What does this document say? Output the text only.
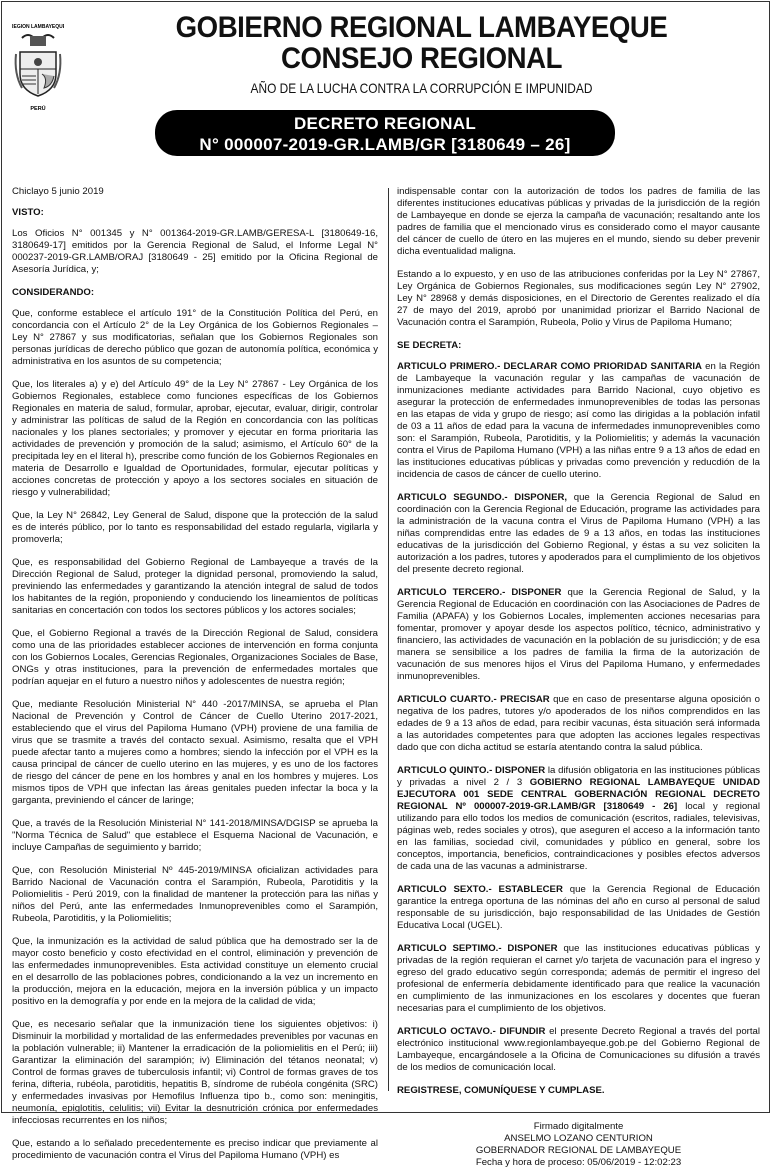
REGION LAMBAYEQUE
PERÚ
GOBIERNO REGIONAL LAMBAYEQUE
CONSEJO REGIONAL
AÑO DE LA LUCHA CONTRA LA CORRUPCIÓN E IMPUNIDAD
DECRETO REGIONAL
N° 000007-2019-GR.LAMB/GR [3180649 – 26]

Chiclayo 5 junio 2019

VISTO:

Los Oficios N° 001345 y N° 001364-2019-GR.LAMB/GERESA-L [3180649-16, 3180649-17] emitidos por la Gerencia Regional de Salud, el Informe Legal N° 000237-2019-GR.LAMB/ORAJ [3180649 - 25] emitido por la Oficina Regional de Asesoría Jurídica, y;

CONSIDERANDO:

Que, conforme establece el artículo 191° de la Constitución Política del Perú, en concordancia con el Artículo 2° de la Ley Orgánica de los Gobiernos Regionales – Ley N° 27867 y sus modificatorias, señalan que los Gobiernos Regionales son personas jurídicas de derecho público que gozan de autonomía política, económica y administrativa en los asuntos de su competencia;

Que, los literales a) y e) del Artículo 49° de la Ley N° 27867 - Ley Orgánica de los Gobiernos Regionales, establece como funciones específicas de los Gobiernos Regionales en materia de salud, formular, aprobar, ejecutar, evaluar, dirigir, controlar y administrar las políticas de salud de la Región en concordancia con las políticas nacionales y los planes sectoriales; y promover y ejecutar en forma prioritaria las actividades de prevención y promoción de la salud; asimismo, el Artículo 60° de la precipitada ley en el literal h), prescribe como función de los Gobiernos Regionales en materia de Desarrollo e Igualdad de Oportunidades, formular, ejecutar políticas y acciones concretas de protección y apoyo a los sectores sociales en situación de riesgo y vulnerabilidad;

Que, la Ley N° 26842, Ley General de Salud, dispone que la protección de la salud es de interés público, por lo tanto es responsabilidad del estado regularla, vigilarla y promoverla;

Que, es responsabilidad del Gobierno Regional de Lambayeque a través de la Dirección Regional de Salud, proteger la dignidad personal, promoviendo la salud, previniendo las enfermedades y garantizando la atención integral de salud de todos los habitantes de la región, proponiendo y conduciendo los lineamientos de políticas sanitarias en concertación con todos los sectores públicos y los actores sociales;

Que, el Gobierno Regional a través de la Dirección Regional de Salud, considera como una de las prioridades establecer acciones de intervención en forma conjunta con los Gobiernos Locales, Gerencias Regionales, Organizaciones Sociales de Base, ONGs y otras instituciones, para la prevención de enfermedades mortales que podrían aquejar en el futuro a nuestro niños y adolescentes de nuestra región;

Que, mediante Resolución Ministerial N° 440 -2017/MINSA, se aprueba el Plan Nacional de Prevención y Control de Cáncer de Cuello Uterino 2017-2021, estableciendo que el virus del Papiloma Humano (VPH) proviene de una familia de virus que se trasmite a través del contacto sexual. Asimismo, resalta que el VPH puede afectar tanto a mujeres como a hombres; siendo la infección por el VPH es la causa principal de cáncer de cuello uterino en las mujeres, y es uno de los factores de riesgo del cáncer de pene en los hombres y anal en los hombres y mujeres. Los mismos tipos de VPH que infectan las áreas genitales pueden infectar la boca y la garganta, previniendo el cáncer de laringe;

Que, a través de la Resolución Ministerial N° 141-2018/MINSA/DGISP se aprueba la "Norma Técnica de Salud" que establece el Esquema Nacional de Vacunación, e incluye Campañas de seguimiento y barrido;

Que, con Resolución Ministerial Nº 445-2019/MINSA oficializan actividades para Barrido Nacional de Vacunación contra el Sarampión, Rubeola, Parotiditis y la Poliomielitis - Perú 2019, con la finalidad de mantener la protección para las niñas y niños del Perú, ante las enfermedades Inmunoprevenibles como el Sarampión, Rubeola, Parotiditis, y la Poliomielitis;

Que, la inmunización es la actividad de salud pública que ha demostrado ser la de mayor costo beneficio y costo efectividad en el control, eliminación y prevención de las enfermedades inmunoprevenibles. Esta actividad constituye un elemento crucial en el desarrollo de las poblaciones pobres, condicionando a la vez un incremento en la producción, mejora en la educación, mejora en la inversión pública y un impacto positivo en la demografía y por ende en la mejora de la calidad de vida;

Que, es necesario señalar que la inmunización tiene los siguientes objetivos: i) Disminuir la morbilidad y mortalidad de las enfermedades prevenibles por vacunas en la población vulnerable; ii) Mantener la erradicación de la poliomielitis en el Perú; iii) Garantizar la eliminación del sarampión; iv) Eliminación del tétanos neonatal; v) Control de formas graves de tuberculosis infantil; vi) Control de formas graves de tos ferina, difteria, rubéola, parotiditis, hepatitis B, síndrome de rubéola congénita (SRC) y enfermedades invasivas por Hemofilus Influenza tipo b., como son: meningitis, neumonía, epiglotitis, celulitis; vii) Evitar la desnutrición crónica por enfermedades infecciosas recurrentes en los niños;

Que, estando a lo señalado precedentemente es preciso indicar que previamente al procedimiento de vacunación contra el Virus del Papiloma Humano (VPH) es

indispensable contar con la autorización de todos los padres de familia de las diferentes instituciones educativas públicas y privadas de la jurisdicción de la región de Lambayeque en donde se ejerza la campaña de vacunación; resaltando ante los padres de familia que el mencionado virus es considerado como el mayor causante del cáncer de cuello de útero en las mujeres en el mundo, siendo su deber prevenir dicha eventualidad maligna.

Estando a lo expuesto, y en uso de las atribuciones conferidas por la Ley N° 27867, Ley Orgánica de Gobiernos Regionales, sus modificaciones según Ley N° 27902, Ley N° 28968 y demás disposiciones, en el Directorio de Gerentes realizado el día 27 de mayo del 2019, aprobó por unanimidad priorizar el Barrido Nacional de Vacunación contra el Sarampión, Rubeola, Polio y Virus de Papiloma Humano;

SE DECRETA:

ARTICULO PRIMERO.- DECLARAR COMO PRIORIDAD SANITARIA en la Región de Lambayeque la vacunación regular y las campañas de vacunación de inmunizaciones mediante actividades para Barrido Nacional, cuyo objetivo es asegurar la protección de enfermedades inmunoprevenibles de todas las personas en las etapas de vida y grupo de riesgo; así como las dirigidas a la población infatil de 03 a 11 años de edad para la vacuna de infermedades inmunoprevenibles como son: el Sarampión, Rubeola, Parotiditis, y la Poliomielitis; y además la vacunación contra el Virus de Papiloma Humano (VPH) a las niñas entre 9 a 13 años de edad en las instituciones educativas públicas y privadas como prevención y reducdión de la incidencia de casos de cáncer de cuello uterino.

ARTICULO SEGUNDO.- DISPONER, que la Gerencia Regional de Salud en coordinación con la Gerencia Regional de Educación, programe las actividades para la administración de la vacuna contra el Virus de Papiloma Humano (VPH) a las niñas comprendidas entre las edades de 9 a 13 años, en todas las instituciones educativas de la jurisdicción del Gobierno Regional, y éstas a su vez soliciten la autorización a los padres, tutores y apoderados para el cumplimiento de los objetivos del presente decreto regional.

ARTICULO TERCERO.- DISPONER que la Gerencia Regional de Salud, y la Gerencia Regional de Educación en coordinación con las Asociaciones de Padres de Familia (APAFA) y los Gobiernos Locales, implementen acciones necesarias para fomentar, promover y apoyar desde los aspectos político, técnico, administrativo y financiero, las actividades de vacunación en la población de su jurisdicción; y de esa manera se sensibilice a los padres de familia la firma de la autorización de vacunación de sus menores hijos el Virus del Papiloma Humano, y enfermedades inmunoprevenibles.

ARTICULO CUARTO.- PRECISAR que en caso de presentarse alguna oposición o negativa de los padres, tutores y/o apoderados de los niños comprendidos en las edades de 9 a 13 años de edad, para recibir vacunas, ésta situación será informada a las autoridades competentes para que adopten las acciones legales respectivas dado que con dicha actitud se estaría atentando contra la salud pública.

ARTICULO QUINTO.- DISPONER la difusión obligatoria en las instituciones públicas y privadas a nivel 2 / 3 GOBIERNO REGIONAL LAMBAYEQUE UNIDAD EJECUTORA 001 SEDE CENTRAL GOBERNACIÓN REGIONAL DECRETO REGIONAL Nº 000007-2019-GR.LAMB/GR [3180649 - 26] local y regional utilizando para ello todos los medios de comunicación (escritos, radiales, televisivas, páginas web, redes sociales y otros), que aseguren el acceso a la información tanto en las familias, sociedad civil, comunidades y público en general, sobre los conceptos, importancia, beneficios, contraindicaciones y posibles efectos adversos de cada una de las vacunas a administrarse.

ARTICULO SEXTO.- ESTABLECER que la Gerencia Regional de Educación garantice la entrega oportuna de las nóminas del año en curso al personal de salud responsable de su jurisdicción, bajo responsabilidad de las Unidades de Gestión Educativa Local (UGEL).

ARTICULO SEPTIMO.- DISPONER que las instituciones educativas públicas y privadas de la región requieran el carnet y/o tarjeta de vacunación para el ingreso y egreso del grado educativo según corresponda; además de permitir el ingreso del profesional de enfermería debidamente identificado para que realice la vacunación en cumplimiento de las inmunizaciones en los escolares y docentes que fueran necesarias para el cumplimiento de los objetivos.

ARTICULO OCTAVO.- DIFUNDIR el presente Decreto Regional a través del portal electrónico institucional www.regionlambayeque.gob.pe del Gobierno Regional de Lambayeque, encargándosele a la Oficina de Comunicaciones su difusión a través de los medios de comunicación local.

REGISTRESE, COMUNÍQUESE Y CUMPLASE.

Firmado digitalmente
ANSELMO LOZANO CENTURION
GOBERNADOR REGIONAL DE LAMBAYEQUE
Fecha y hora de proceso: 05/06/2019 - 12:02:23
